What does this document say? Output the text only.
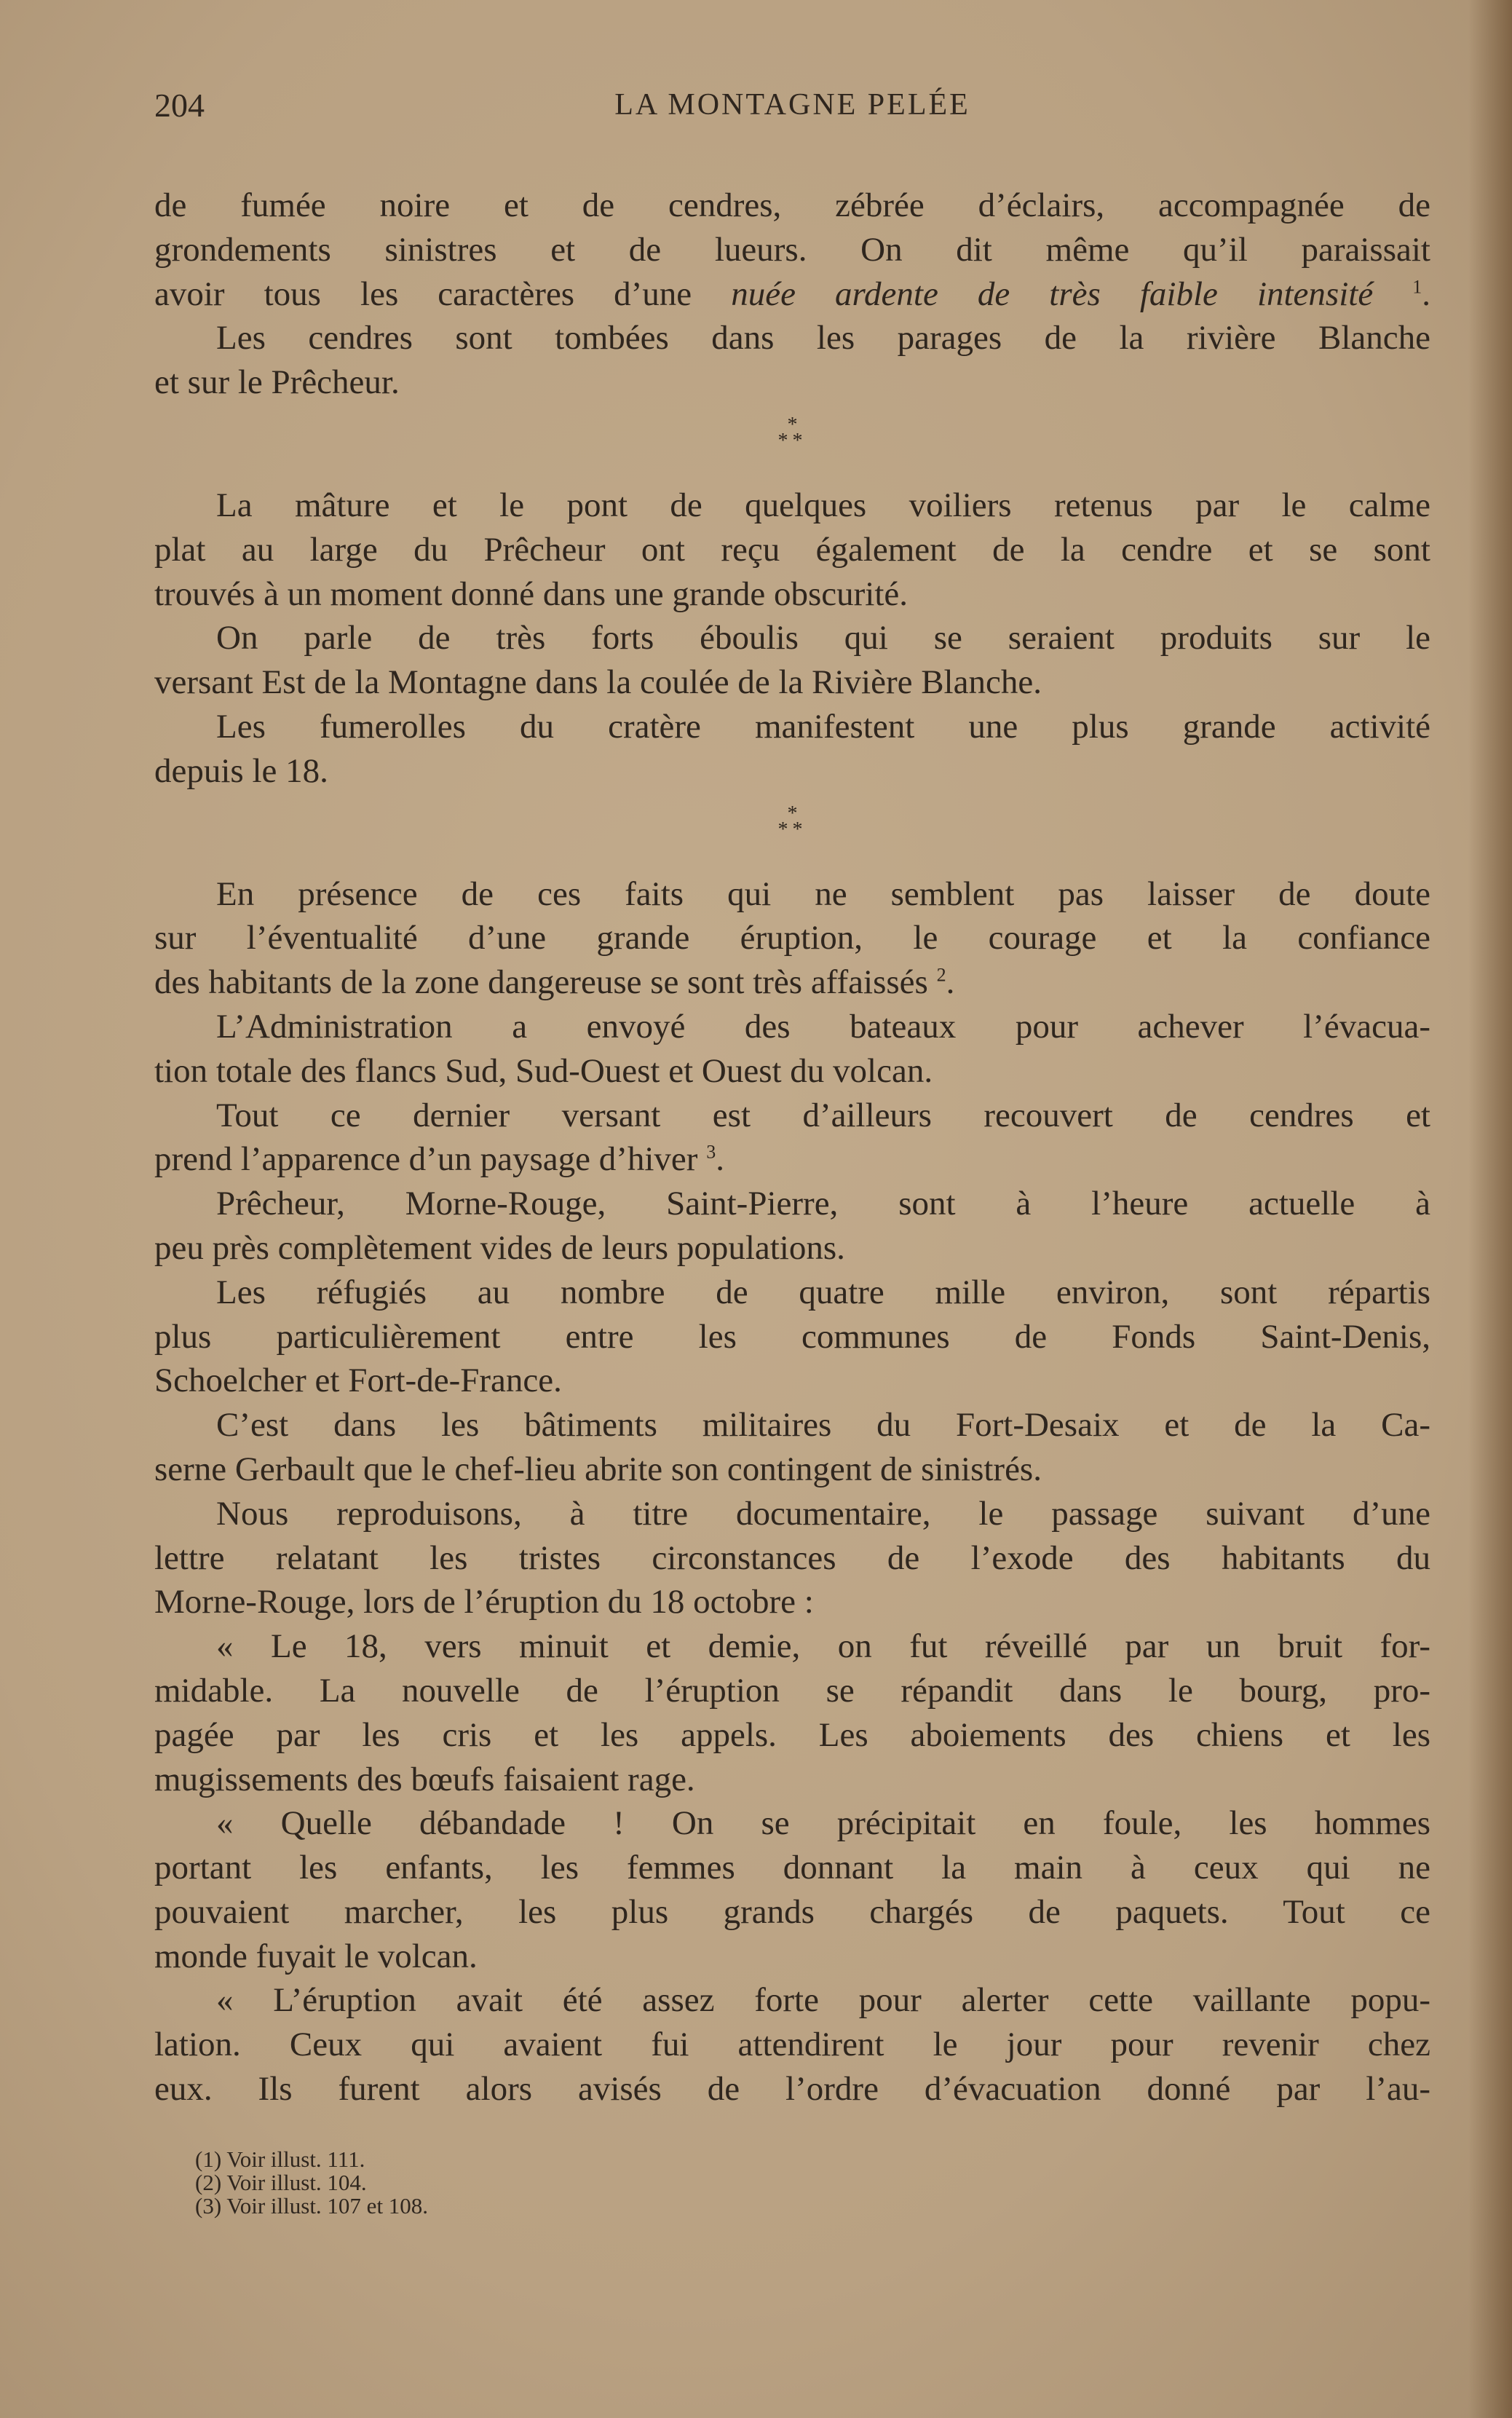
204	LA MONTAGNE PELÉE
de fumée noire et de cendres, zébrée d’éclairs, accompagnée de
grondements sinistres et de lueurs. On dit même qu’il paraissait
avoir tous les caractères d’une nuée ardente de très faible intensité $^1$.
Les cendres sont tombées dans les parages de la rivière Blanche
et sur le Prêcheur.
*
**
La mâture et le pont de quelques voiliers retenus par le calme
plat au large du Prêcheur ont reçu également de la cendre et se sont
trouvés à un moment donné dans une grande obscurité.
On parle de très forts éboulis qui se seraient produits sur le
versant Est de la Montagne dans la coulée de la Rivière Blanche.
Les fumerolles du cratère manifestent une plus grande activité
depuis le 18.
*
**
En présence de ces faits qui ne semblent pas laisser de doute
sur l’éventualité d’une grande éruption, le courage et la confiance
des habitants de la zone dangereuse se sont très affaissés $^2$.
L’Administration a envoyé des bateaux pour achever l’évacua-
tion totale des flancs Sud, Sud-Ouest et Ouest du volcan.
Tout ce dernier versant est d’ailleurs recouvert de cendres et
prend l’apparence d’un paysage d’hiver $^3$.
Prêcheur, Morne-Rouge, Saint-Pierre, sont à l’heure actuelle à
peu près complètement vides de leurs populations.
Les réfugiés au nombre de quatre mille environ, sont répartis
plus particulièrement entre les communes de Fonds Saint-Denis,
Schoelcher et Fort-de-France.
C’est dans les bâtiments militaires du Fort-Desaix et de la Ca-
serne Gerbault que le chef-lieu abrite son contingent de sinistrés.
Nous reproduisons, à titre documentaire, le passage suivant d’une
lettre relatant les tristes circonstances de l’exode des habitants du
Morne-Rouge, lors de l’éruption du 18 octobre :
« Le 18, vers minuit et demie, on fut réveillé par un bruit for-
midable. La nouvelle de l’éruption se répandit dans le bourg, pro-
pagée par les cris et les appels. Les aboiements des chiens et les
mugissements des bœufs faisaient rage.
« Quelle débandade ! On se précipitait en foule, les hommes
portant les enfants, les femmes donnant la main à ceux qui ne
pouvaient marcher, les plus grands chargés de paquets. Tout ce
monde fuyait le volcan.
« L’éruption avait été assez forte pour alerter cette vaillante popu-
lation. Ceux qui avaient fui attendirent le jour pour revenir chez
eux. Ils furent alors avisés de l’ordre d’évacuation donné par l’au-
(1) Voir illust. 111.
(2) Voir illust. 104.
(3) Voir illust. 107 et 108.
